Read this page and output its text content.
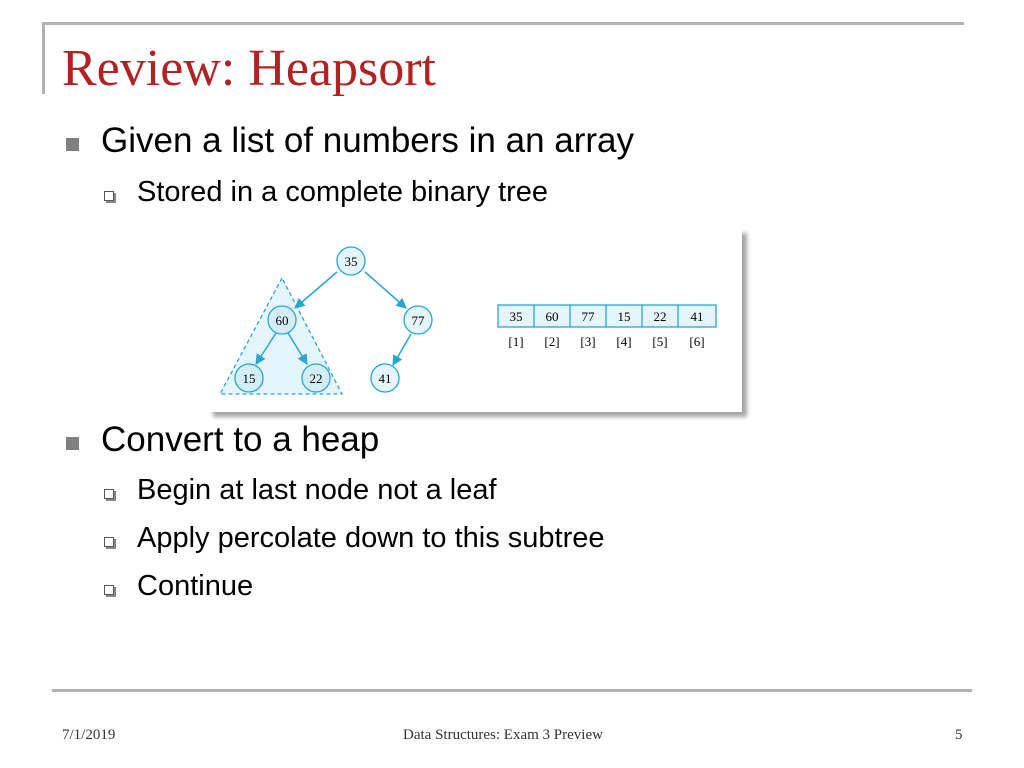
Review: Heapsort
Given a list of numbers in an array
Stored in a complete binary tree
35
60	77
15	22	41
35 60 77 15 22 41
[1] [2] [3] [4] [5] [6]
Convert to a heap
Begin at last node not a leaf
Apply percolate down to this subtree
Continue
7/1/2019	Data Structures: Exam 3 Preview	5
